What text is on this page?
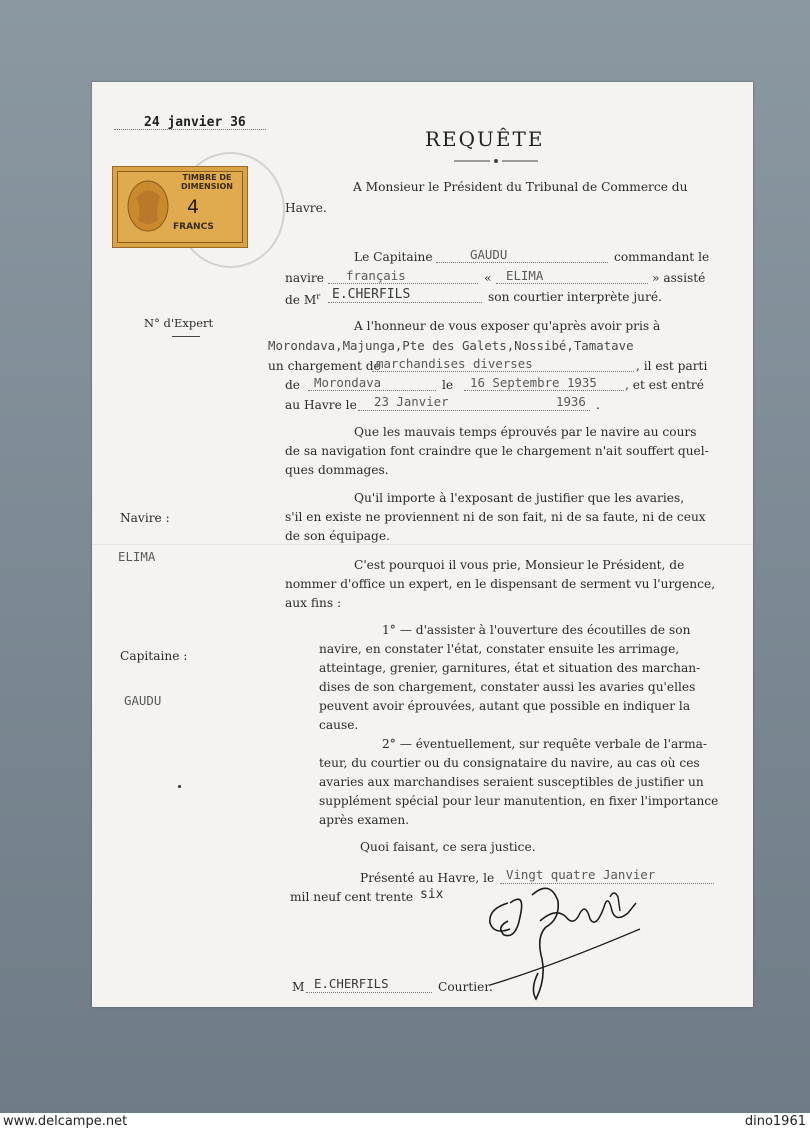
24 janvier 36
REQUÊTE
TIMBRE DE
DIMENSION
4
FRANCS
A Monsieur le Président du Tribunal de Commerce du
Havre.
Le Capitaine	GAUDU	commandant le
navire français	« ELIMA	» assisté
de $M^r$ E.CHERFILS	son courtier interprète juré.
N° d'Expert	A l'honneur de vous exposer qu'après avoir pris à
Morondava,Majunga,Pte des Galets,Nossibé,Tamatave
un chargement de
marchandises diverses	, il est parti
de Morondava	le 16 Septembre 1935 , et est entré
au Havre le 23 Janvier	1936 .
Que les mauvais temps éprouvés par le navire au cours
de sa navigation font craindre que le chargement n'ait souffert quel-
ques dommages.
Qu'il importe à l'exposant de justifier que les avaries,
s'il en existe ne proviennent ni de son fait, ni de sa faute, ni de ceux
de son équipage.
Navire :
ELIMA
C'est pourquoi il vous prie, Monsieur le Président, de
nommer d'office un expert, en le dispensant de serment vu l'urgence,
aux fins :
1° — d'assister à l'ouverture des écoutilles de son
navire, en constater l'état, constater ensuite les arrimage,
atteintage, grenier, garnitures, état et situation des marchan-
dises de son chargement, constater aussi les avaries qu'elles
peuvent avoir éprouvées, autant que possible en indiquer la
cause.
Capitaine :
GAUDU
2° — éventuellement, sur requête verbale de l'arma-
teur, du courtier ou du consignataire du navire, au cas où ces
avaries aux marchandises seraient susceptibles de justifier un
supplément spécial pour leur manutention, en fixer l'importance
après examen.
Quoi faisant, ce sera justice.
Présenté au Havre, le Vingt quatre Janvier
mil neuf cent trente six
M E.CHERFILS	Courtier.
www.delcampe.net	dino1961
